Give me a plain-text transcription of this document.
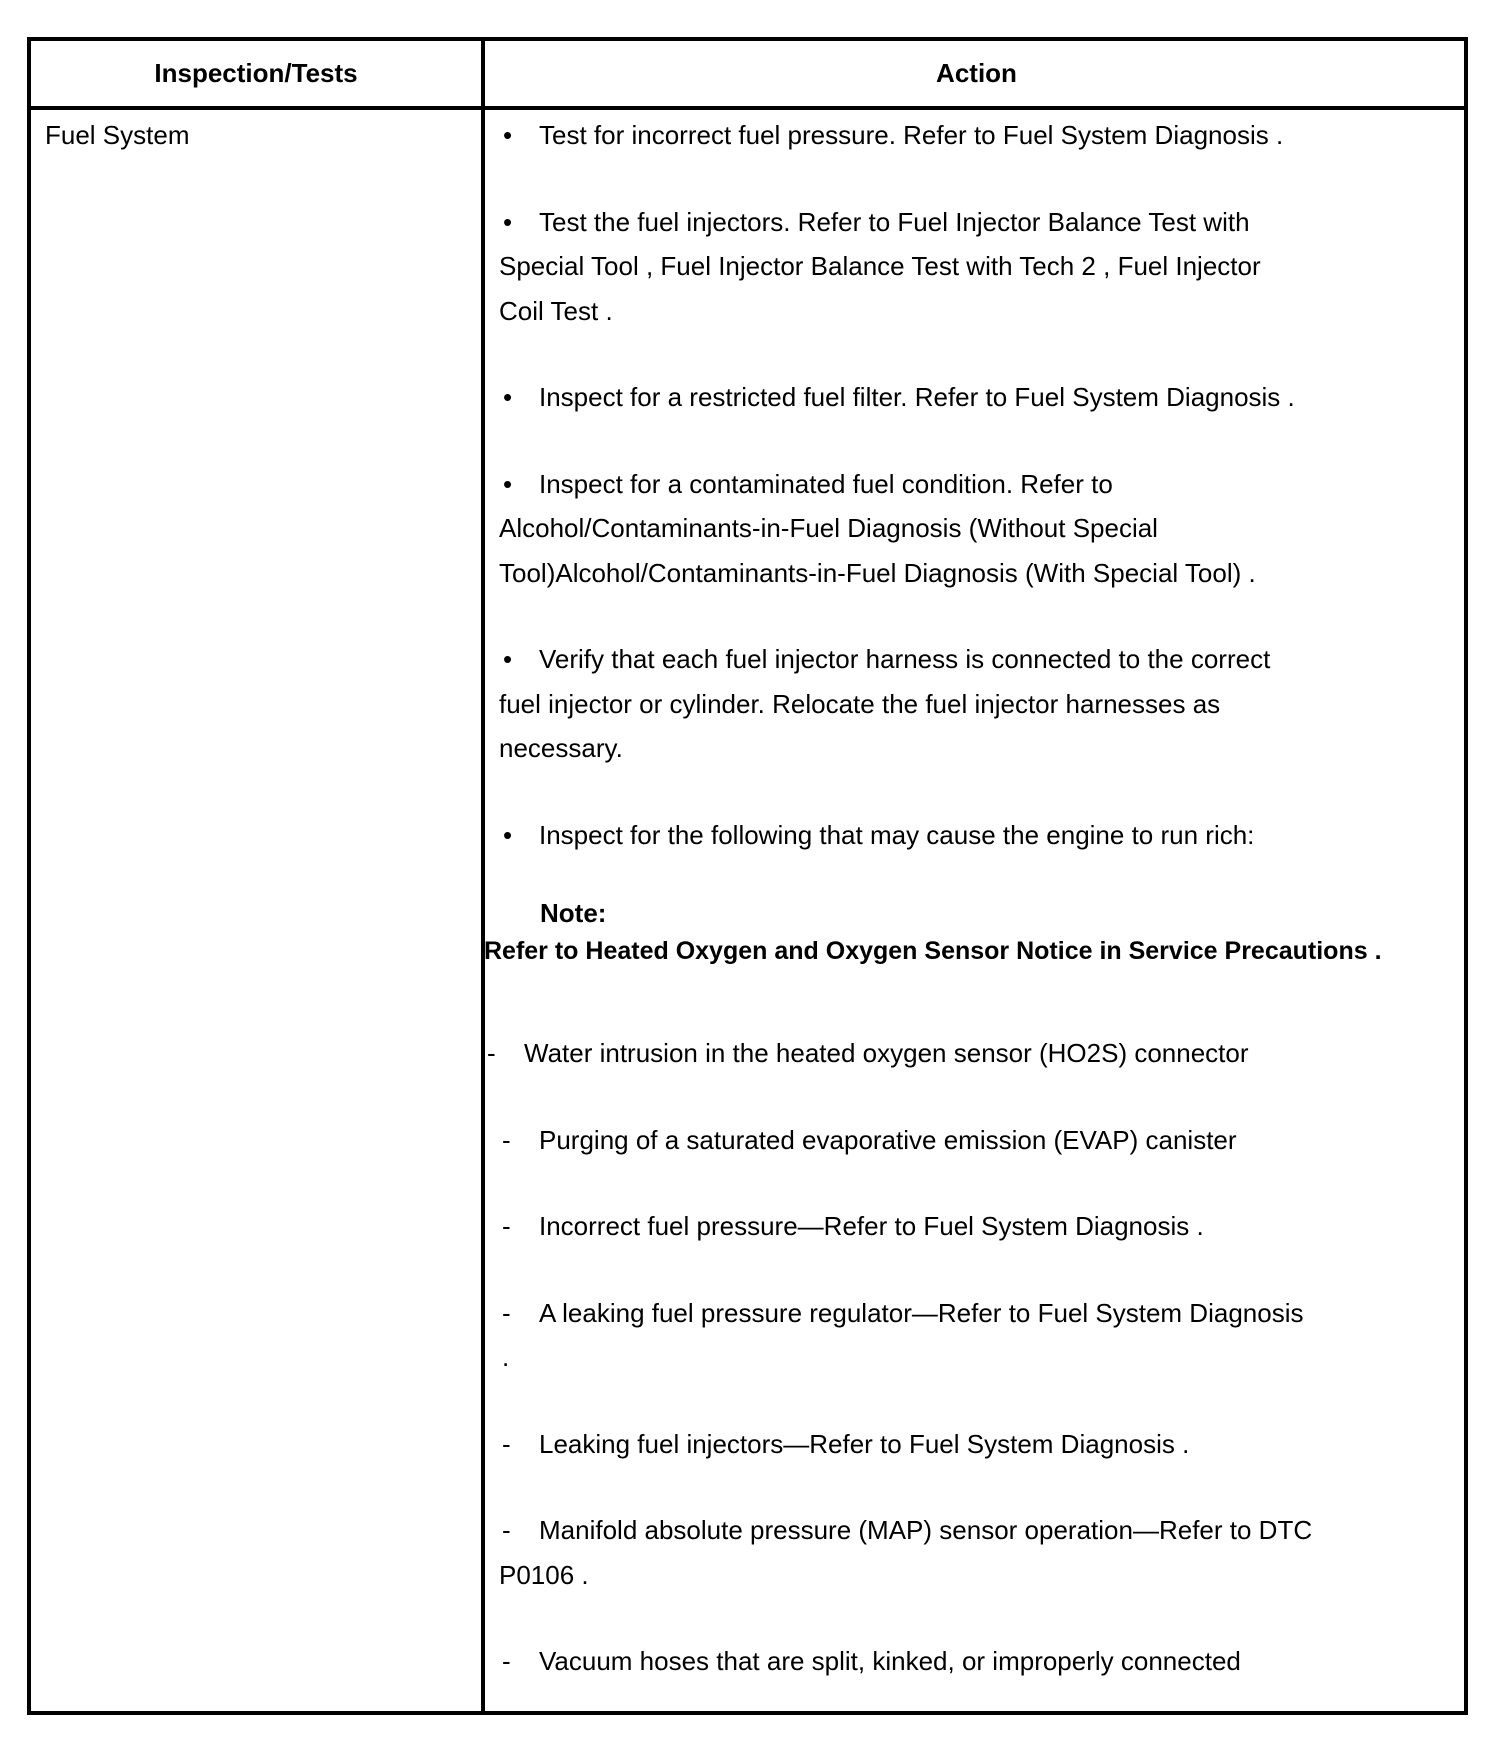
Inspection/Tests	Action
Fuel System	• Test for incorrect fuel pressure. Refer to Fuel System Diagnosis .

• Test the fuel injectors. Refer to Fuel Injector Balance Test with
Special Tool , Fuel Injector Balance Test with Tech 2 , Fuel Injector
Coil Test .

• Inspect for a restricted fuel filter. Refer to Fuel System Diagnosis .

• Inspect for a contaminated fuel condition. Refer to
Alcohol/Contaminants-in-Fuel Diagnosis (Without Special
Tool)Alcohol/Contaminants-in-Fuel Diagnosis (With Special Tool) .

• Verify that each fuel injector harness is connected to the correct
fuel injector or cylinder. Relocate the fuel injector harnesses as
necessary.

• Inspect for the following that may cause the engine to run rich:

Note:
Refer to Heated Oxygen and Oxygen Sensor Notice in Service Precautions .

- Water intrusion in the heated oxygen sensor (HO2S) connector

- Purging of a saturated evaporative emission (EVAP) canister

- Incorrect fuel pressure—Refer to Fuel System Diagnosis .

- A leaking fuel pressure regulator—Refer to Fuel System Diagnosis
.

- Leaking fuel injectors—Refer to Fuel System Diagnosis .

- Manifold absolute pressure (MAP) sensor operation—Refer to DTC
P0106 .

- Vacuum hoses that are split, kinked, or improperly connected
